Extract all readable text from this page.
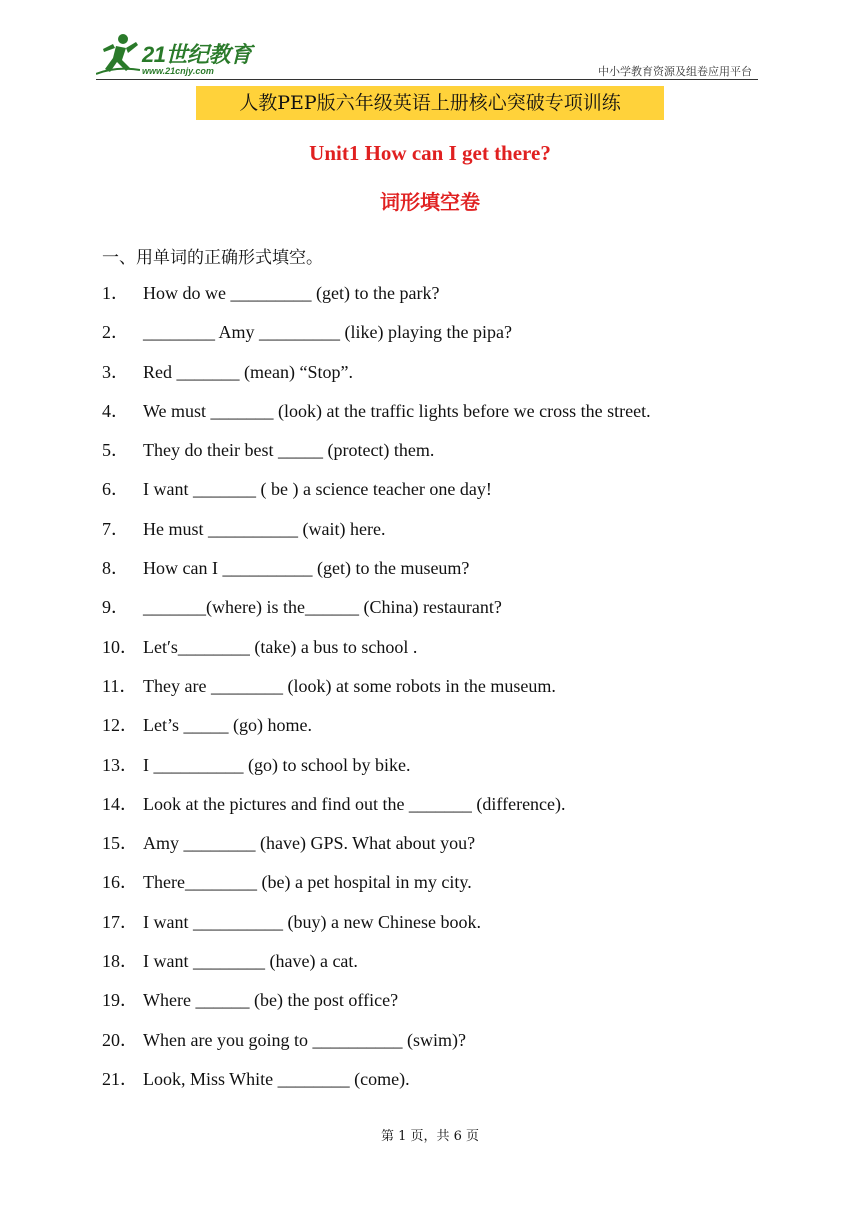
21世纪教育
www.21cnjy.com	中小学教育资源及组卷应用平台
人教PEP版六年级英语上册核心突破专项训练
Unit1 How can I get there?
词形填空卷
一、用单词的正确形式填空。
1． How do we _________ (get) to the park?
2． ________ Amy _________ (like) playing the pipa?
3． Red _______ (mean) “Stop”.
4． We must _______ (look) at the traffic lights before we cross the street.
5． They do their best _____ (protect) them.
6． I want _______ ( be ) a science teacher one day!
7． He must __________ (wait) here.
8． How can I __________ (get) to the museum?
9． _______(where) is the______ (China) restaurant?
10． Let′s________ (take) a bus to school .
11． They are ________ (look) at some robots in the museum.
12． Let’s _____ (go) home.
13． I __________ (go) to school by bike.
14． Look at the pictures and find out the _______ (difference).
15． Amy ________ (have) GPS. What about you?
16． There________ (be) a pet hospital in my city.
17． I want __________ (buy) a new Chinese book.
18． I want ________ (have) a cat.
19． Where ______ (be) the post office?
20． When are you going to __________ (swim)?
21． Look, Miss White ________ (come).
第 1 页，共 6 页
